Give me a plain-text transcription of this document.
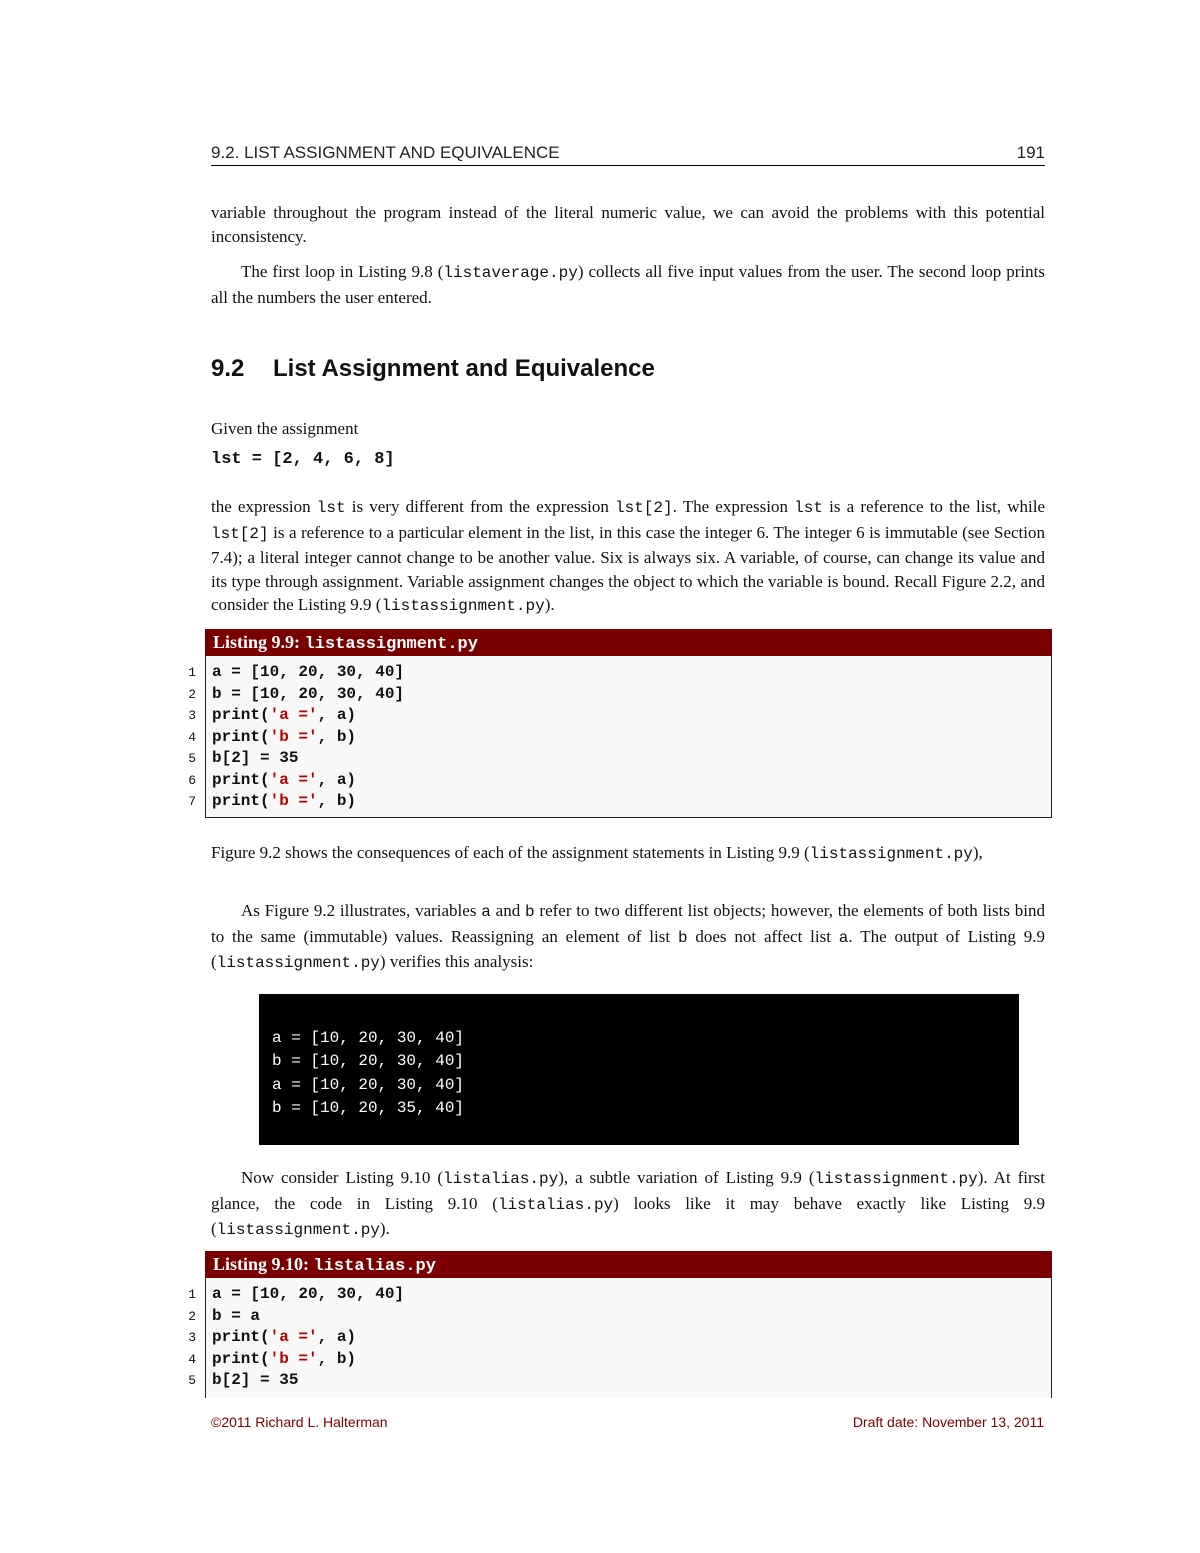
9.2. LIST ASSIGNMENT AND EQUIVALENCE	191

variable throughout the program instead of the literal numeric value, we can avoid the problems with this potential inconsistency.

The first loop in Listing 9.8 (listaverage.py) collects all five input values from the user. The second loop prints all the numbers the user entered.

9.2 List Assignment and Equivalence

Given the assignment

lst = [2, 4, 6, 8]

the expression lst is very different from the expression lst[2]. The expression lst is a reference to the list, while lst[2] is a reference to a particular element in the list, in this case the integer 6. The integer 6 is immutable (see Section 7.4); a literal integer cannot change to be another value. Six is always six. A variable, of course, can change its value and its type through assignment. Variable assignment changes the object to which the variable is bound. Recall Figure 2.2, and consider the Listing 9.9 (listassignment.py).

Listing 9.9: listassignment.py
1 a = [10, 20, 30, 40]
2 b = [10, 20, 30, 40]
3 print('a =', a)
4 print('b =', b)
5 b[2] = 35
6 print('a =', a)
7 print('b =', b)

Figure 9.2 shows the consequences of each of the assignment statements in Listing 9.9 (listassignment.py),

As Figure 9.2 illustrates, variables a and b refer to two different list objects; however, the elements of both lists bind to the same (immutable) values. Reassigning an element of list b does not affect list a. The output of Listing 9.9 (listassignment.py) verifies this analysis:

a = [10, 20, 30, 40]
b = [10, 20, 30, 40]
a = [10, 20, 30, 40]
b = [10, 20, 35, 40]

Now consider Listing 9.10 (listalias.py), a subtle variation of Listing 9.9 (listassignment.py). At first glance, the code in Listing 9.10 (listalias.py) looks like it may behave exactly like Listing 9.9 (listassignment.py).

Listing 9.10: listalias.py
1 a = [10, 20, 30, 40]
2 b = a
3 print('a =', a)
4 print('b =', b)
5 b[2] = 35
©2011 Richard L. Halterman	Draft date: November 13, 2011
